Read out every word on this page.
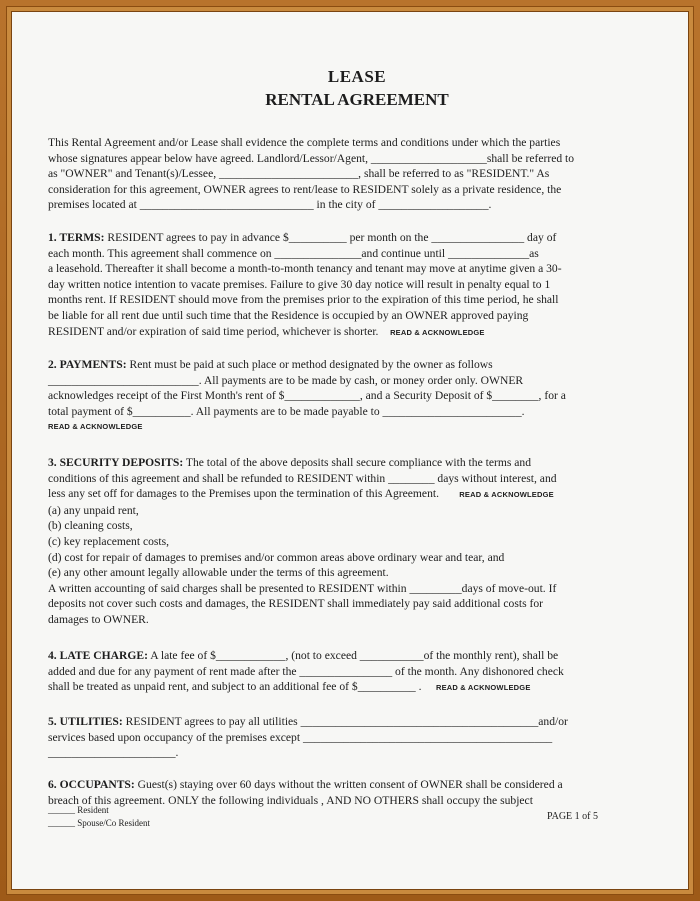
LEASE
RENTAL AGREEMENT
This Rental Agreement and/or Lease shall evidence the complete terms and conditions under which the parties
whose signatures appear below have agreed. Landlord/Lessor/Agent, ____________________shall be referred to
as "OWNER" and Tenant(s)/Lessee, ________________________, shall be referred to as "RESIDENT." As
consideration for this agreement, OWNER agrees to rent/lease to RESIDENT solely as a private residence, the
premises located at ______________________________ in the city of ___________________.
1. TERMS: RESIDENT agrees to pay in advance $__________ per month on the ________________ day of
each month. This agreement shall commence on _______________and continue until ______________as
a leasehold. Thereafter it shall become a month-to-month tenancy and tenant may move at anytime given a 30-
day written notice intention to vacate premises. Failure to give 30 day notice will result in penalty equal to 1
months rent. If RESIDENT should move from the premises prior to the expiration of this time period, he shall
be liable for all rent due until such time that the Residence is occupied by an OWNER approved paying
RESIDENT and/or expiration of said time period, whichever is shorter. READ & ACKNOWLEDGE
2. PAYMENTS: Rent must be paid at such place or method designated by the owner as follows
__________________________. All payments are to be made by cash, or money order only. OWNER
acknowledges receipt of the First Month's rent of $_____________, and a Security Deposit of $________, for a
total payment of $__________. All payments are to be made payable to ________________________.
READ & ACKNOWLEDGE
3. SECURITY DEPOSITS: The total of the above deposits shall secure compliance with the terms and
conditions of this agreement and shall be refunded to RESIDENT within ________ days without interest, and
less any set off for damages to the Premises upon the termination of this Agreement.	READ & ACKNOWLEDGE
(a) any unpaid rent,
(b) cleaning costs,
(c) key replacement costs,
(d) cost for repair of damages to premises and/or common areas above ordinary wear and tear, and
(e) any other amount legally allowable under the terms of this agreement.
A written accounting of said charges shall be presented to RESIDENT within _________days of move-out. If
deposits not cover such costs and damages, the RESIDENT shall immediately pay said additional costs for
damages to OWNER.
4. LATE CHARGE: A late fee of $____________, (not to exceed ___________of the monthly rent), shall be
added and due for any payment of rent made after the ________________ of the month. Any dishonored check
shall be treated as unpaid rent, and subject to an additional fee of $__________ . READ & ACKNOWLEDGE
5. UTILITIES: RESIDENT agrees to pay all utilities _________________________________________and/or
services based upon occupancy of the premises except ___________________________________________
______________________.
6. OCCUPANTS: Guest(s) staying over 60 days without the written consent of OWNER shall be considered a
breach of this agreement. ONLY the following individuals , AND NO OTHERS shall occupy the subject
______ Resident
______ Spouse/Co Resident
PAGE 1 of 5
